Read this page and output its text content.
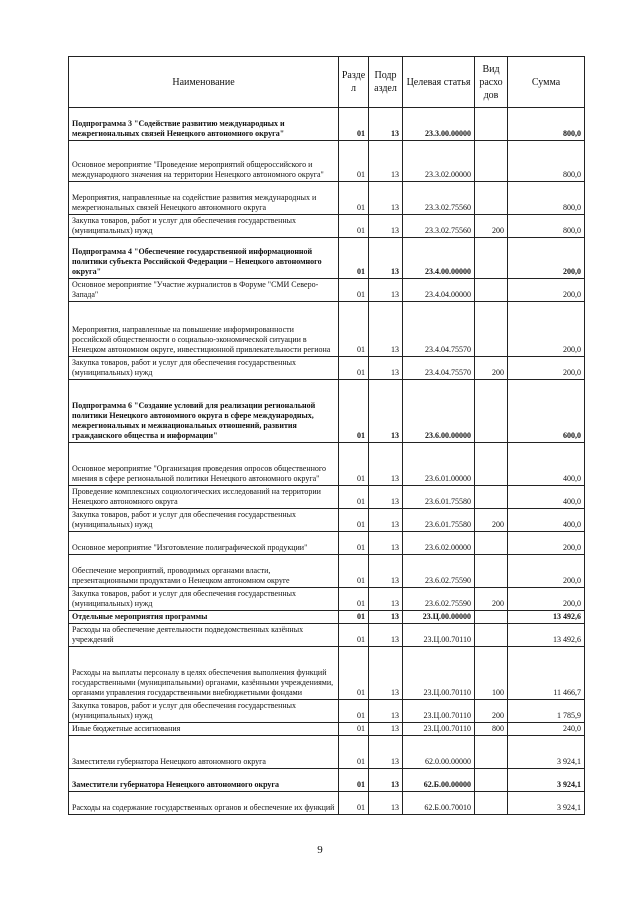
Наименование	Разде л	Подр аздел	Целевая статья	Вид расхо дов	Сумма
Подпрограмма 3 "Содействие развитию международных и межрегиональных связей Ненецкого автономного округа"	01	13	23.3.00.00000		800,0
Основное мероприятие "Проведение мероприятий общероссийского и международного значения на территории Ненецкого автономного округа"	01	13	23.3.02.00000		800,0
Мероприятия, направленные на содействие развития международных и межрегиональных связей Ненецкого автономного округа	01	13	23.3.02.75560		800,0
Закупка товаров, работ и услуг для обеспечения государственных (муниципальных) нужд	01	13	23.3.02.75560	200	800,0
Подпрограмма 4 "Обеспечение государственной информационной политики субъекта Российской Федерации – Ненецкого автономного округа"	01	13	23.4.00.00000		200,0
Основное мероприятие "Участие журналистов в Форуме "СМИ Северо-Запада"	01	13	23.4.04.00000		200,0
Мероприятия, направленные на повышение информированности российской общественности о социально-экономической ситуации в Ненецком автономном округе, инвестиционной привлекательности региона	01	13	23.4.04.75570		200,0
Закупка товаров, работ и услуг для обеспечения государственных (муниципальных) нужд	01	13	23.4.04.75570	200	200,0
Подпрограмма 6 "Создание условий для реализации региональной политики Ненецкого автономного округа в сфере международных, межрегиональных и межнациональных отношений, развития гражданского общества и информации"	01	13	23.6.00.00000		600,0
Основное мероприятие "Организация проведения опросов общественного мнения в сфере региональной политики Ненецкого автономного округа"	01	13	23.6.01.00000		400,0
Проведение комплексных социологических исследований на территории Ненецкого автономного округа	01	13	23.6.01.75580		400,0
Закупка товаров, работ и услуг для обеспечения государственных (муниципальных) нужд	01	13	23.6.01.75580	200	400,0
Основное мероприятие "Изготовление полиграфической продукции"	01	13	23.6.02.00000		200,0
Обеспечение мероприятий, проводимых органами власти, презентационными продуктами о Ненецком автономном округе	01	13	23.6.02.75590		200,0
Закупка товаров, работ и услуг для обеспечения государственных (муниципальных) нужд	01	13	23.6.02.75590	200	200,0
Отдельные мероприятия программы	01	13	23.Ц.00.00000		13 492,6
Расходы на обеспечение деятельности подведомственных казённых учреждений	01	13	23.Ц.00.70110		13 492,6
Расходы на выплаты персоналу в целях обеспечения выполнения функций государственными (муниципальными) органами, казёнными учреждениями, органами управления государственными внебюджетными фондами	01	13	23.Ц.00.70110	100	11 466,7
Закупка товаров, работ и услуг для обеспечения государственных (муниципальных) нужд	01	13	23.Ц.00.70110	200	1 785,9
Иные бюджетные ассигнования	01	13	23.Ц.00.70110	800	240,0
Заместители губернатора Ненецкого автономного округа	01	13	62.0.00.00000		3 924,1
Заместители губернатора Ненецкого автономного округа	01	13	62.Б.00.00000		3 924,1
Расходы на содержание государственных органов и обеспечение их функций	01	13	62.Б.00.70010		3 924,1
9
